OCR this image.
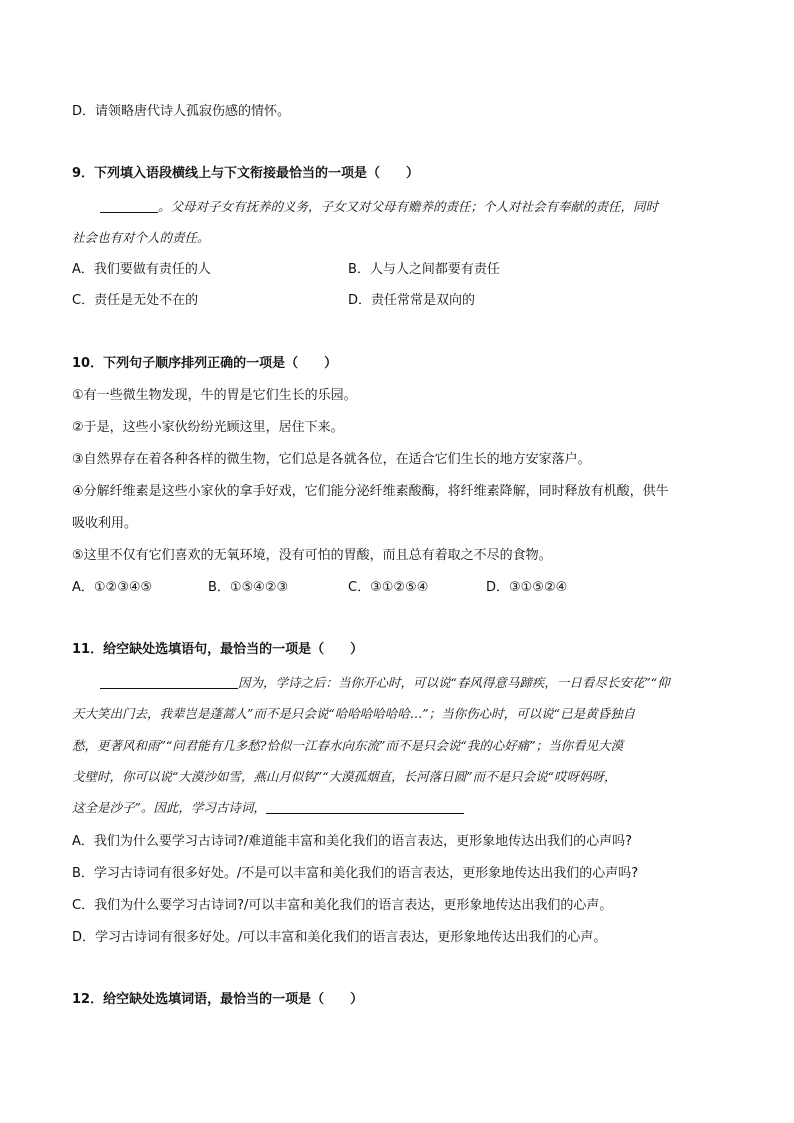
D．请领略唐代诗人孤寂伤感的情怀。
9．下列填入语段横线上与下文衔接最恰当的一项是（　　）
。父母对子女有抚养的义务，子女又对父母有赡养的责任；个人对社会有奉献的责任，同时
社会也有对个人的责任。
A．我们要做有责任的人	B．人与人之间都要有责任
C．责任是无处不在的	D．责任常常是双向的
10．下列句子顺序排列正确的一项是（　　）
①有一些微生物发现，牛的胃是它们生长的乐园。
②于是，这些小家伙纷纷光顾这里，居住下来。
③自然界存在着各种各样的微生物，它们总是各就各位，在适合它们生长的地方安家落户。
④分解纤维素是这些小家伙的拿手好戏，它们能分泌纤维素酸酶，将纤维素降解，同时释放有机酸，供牛
吸收利用。
⑤这里不仅有它们喜欢的无氧环境，没有可怕的胃酸，而且总有着取之不尽的食物。
A．①②③④⑤	B．①⑤④②③	C．③①②⑤④	D．③①⑤②④
11．给空缺处选填语句，最恰当的一项是（　　）
因为，学诗之后：当你开心时，可以说“春风得意马蹄疾，一日看尽长安花”“仰
天大笑出门去，我辈岂是蓬蒿人”而不是只会说“哈哈哈哈哈哈…”；当你伤心时，可以说“已是黄昏独自
愁，更著风和雨”“问君能有几多愁?恰似一江春水向东流”而不是只会说“我的心好痛”；当你看见大漠
戈壁时，你可以说“大漠沙如雪，燕山月似钩”“大漠孤烟直，长河落日圆”而不是只会说“哎呀妈呀，
这全是沙子”。因此，学习古诗词，
A．我们为什么要学习古诗词?/难道能丰富和美化我们的语言表达，更形象地传达出我们的心声吗?
B．学习古诗词有很多好处。/不是可以丰富和美化我们的语言表达，更形象地传达出我们的心声吗?
C．我们为什么要学习古诗词?/可以丰富和美化我们的语言表达，更形象地传达出我们的心声。
D．学习古诗词有很多好处。/可以丰富和美化我们的语言表达，更形象地传达出我们的心声。
12．给空缺处选填词语，最恰当的一项是（　　）
